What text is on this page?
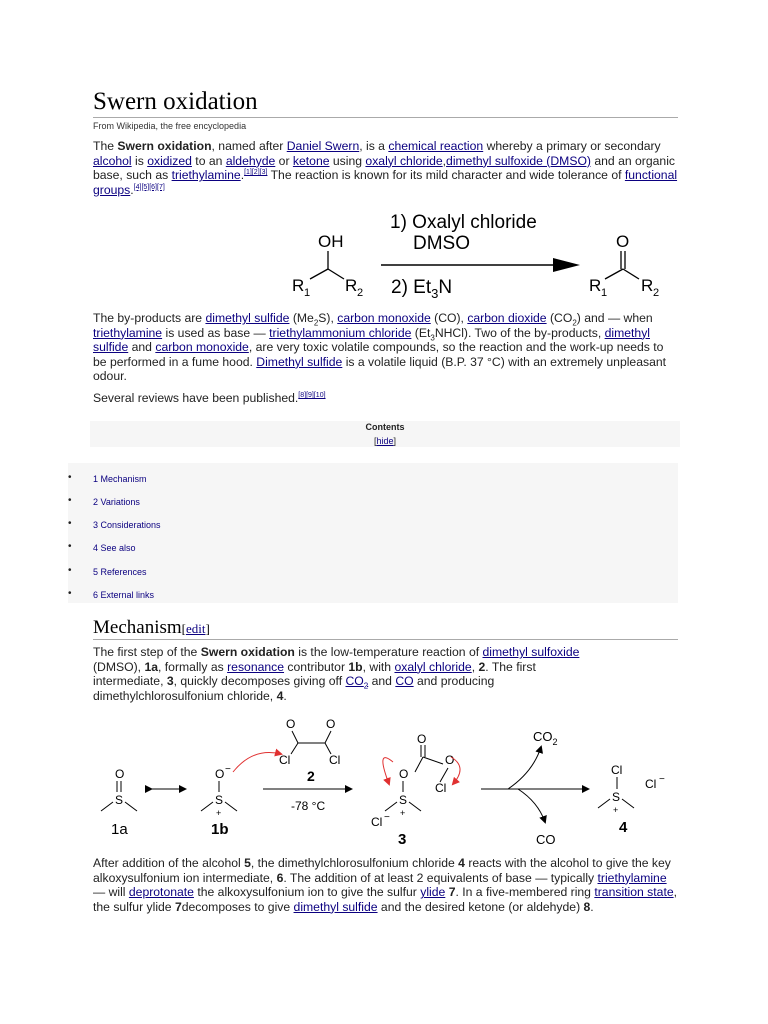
Swern oxidation
From Wikipedia, the free encyclopedia

The Swern oxidation, named after Daniel Swern, is a chemical reaction whereby a primary or secondary alcohol is oxidized to an aldehyde or ketone using oxalyl chloride,dimethyl sulfoxide (DMSO) and an organic base, such as triethylamine.[1][2][3] The reaction is known for its mild character and wide tolerance of functional groups.[4][5][6][7]

OH
R 1 R 2
1) Oxalyl chloride
DMSO
2) $Et_3N$
O
R 1 R 2

The by-products are dimethyl sulfide $(Me_2S)$, carbon monoxide (CO), carbon dioxide $(CO_2)$ and — when triethylamine is used as base — triethylammonium chloride $(Et_3NHCl)$. Two of the by-products, dimethyl sulfide and carbon monoxide, are very toxic volatile compounds, so the reaction and the work-up needs to be performed in a fume hood. Dimethyl sulfide is a volatile liquid (B.P. 37 °C) with an extremely unpleasant odour.

Several reviews have been published.[8][9][10]

Contents
[hide]
• 1 Mechanism
• 2 Variations
• 3 Considerations
• 4 See also
• 5 References
• 6 External links
Mechanism[edit]

The first step of the Swern oxidation is the low-temperature reaction of dimethyl sulfoxide (DMSO), 1a, formally as resonance contributor 1b, with oxalyl chloride, 2. The first intermediate, 3, quickly decomposes giving off $CO_2$ and CO and producing dimethylchlorosulfonium chloride, 4.

O
S
1a
O −
S
+
1b
O	O
Cl	Cl
2
-78 °C
O
O
Cl
O
S
+
Cl −
3
$CO_2$
CO
Cl
S
+
Cl −
4

After addition of the alcohol 5, the dimethylchlorosulfonium chloride 4 reacts with the alcohol to give the key alkoxysulfonium ion intermediate, 6. The addition of at least 2 equivalents of base — typically triethylamine — will deprotonate the alkoxysulfonium ion to give the sulfur ylide 7. In a five-membered ring transition state, the sulfur ylide 7decomposes to give dimethyl sulfide and the desired ketone (or aldehyde) 8.
